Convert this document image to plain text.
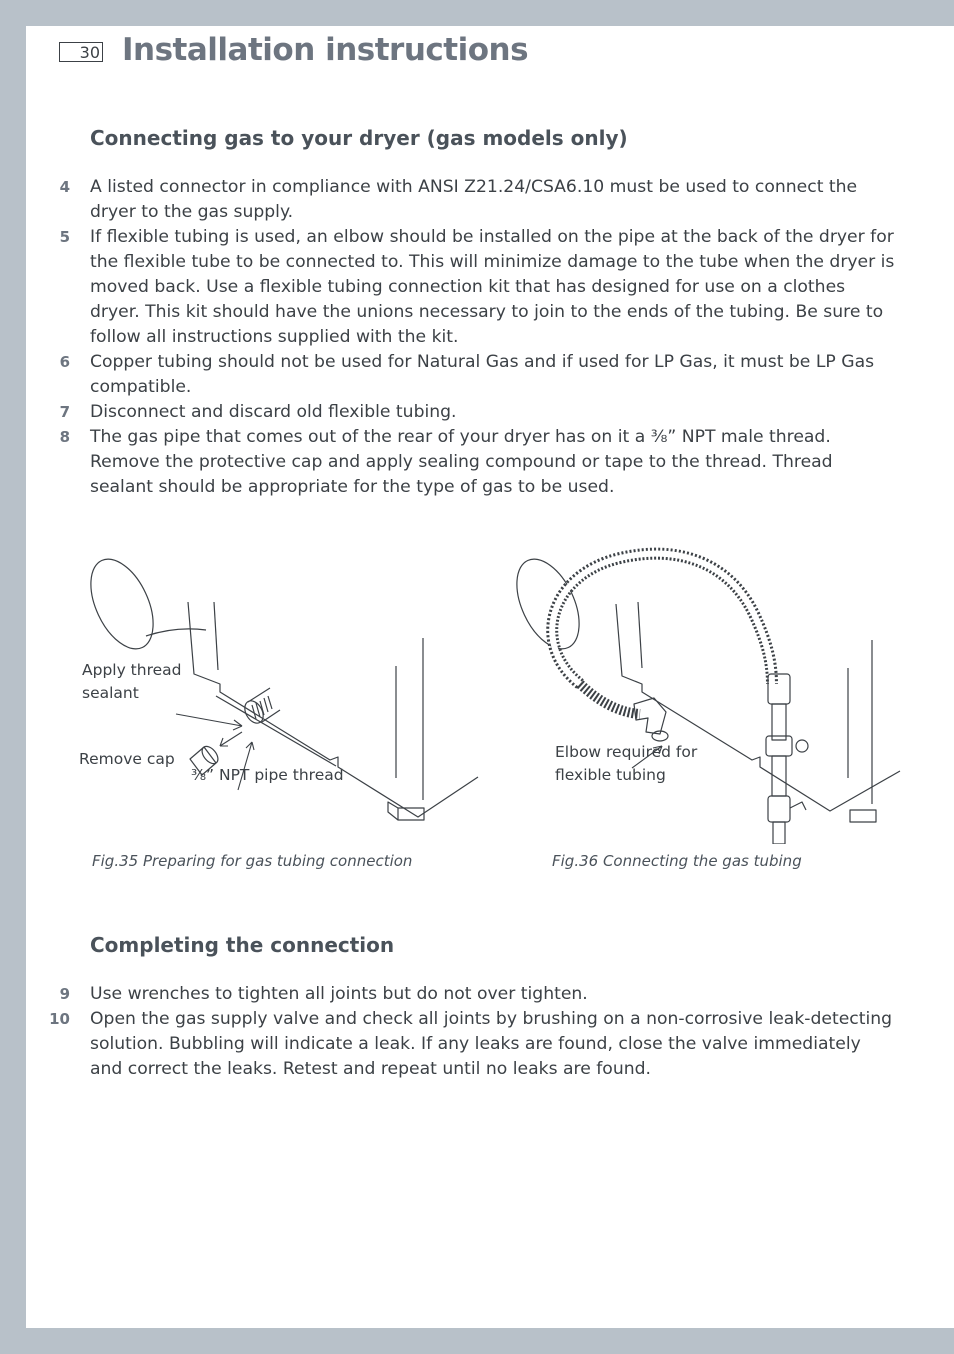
30 Installation instructions
Connecting gas to your dryer (gas models only)
4	A listed connector in compliance with ANSI Z21.24/CSA6.10 must be used to connect the dryer to the gas supply.
5	If flexible tubing is used, an elbow should be installed on the pipe at the back of the dryer for the flexible tube to be connected to. This will minimize damage to the tube when the dryer is moved back. Use a flexible tubing connection kit that has designed for use on a clothes dryer. This kit should have the unions necessary to join to the ends of the tubing. Be sure to follow all instructions supplied with the kit.
6	Copper tubing should not be used for Natural Gas and if used for LP Gas, it must be LP Gas compatible.
7	Disconnect and discard old flexible tubing.
8	The gas pipe that comes out of the rear of your dryer has on it a ⅜” NPT male thread. Remove the protective cap and apply sealing compound or tape to the thread. Thread sealant should be appropriate for the type of gas to be used.
Apply thread
sealant
Remove cap
⅜” NPT pipe thread
Fig.35 Preparing for gas tubing connection
Elbow required for
flexible tubing
Fig.36 Connecting the gas tubing
Completing the connection
9	Use wrenches to tighten all joints but do not over tighten.
10	Open the gas supply valve and check all joints by brushing on a non-corrosive leak-detecting solution. Bubbling will indicate a leak. If any leaks are found, close the valve immediately and correct the leaks. Retest and repeat until no leaks are found.
